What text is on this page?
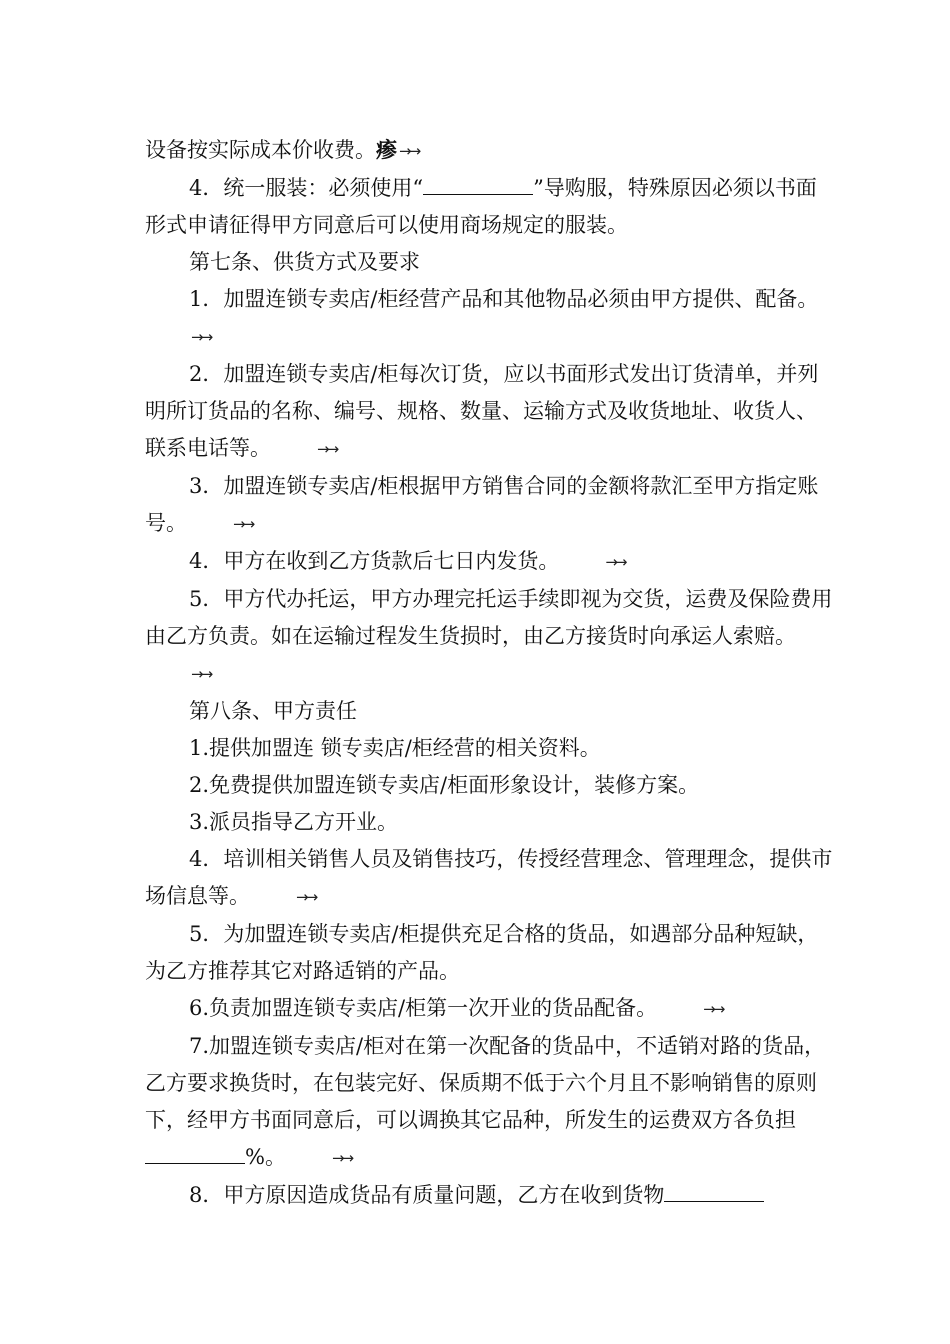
设备按实际成本价收费。瘆 →→

4．统一服装：必须使用“	”导购服，特殊原因必须以书面形式申请征得甲方同意后可以使用商场规定的服装。

第七条、供货方式及要求

1．加盟连锁专卖店/柜经营产品和其他物品必须由甲方提供、配备。→→

2．加盟连锁专卖店/柜每次订货，应以书面形式发出订货清单，并列明所订货品的名称、编号、规格、数量、运输方式及收货地址、收货人、联系电话等。	→→

3．加盟连锁专卖店/柜根据甲方销售合同的金额将款汇至甲方指定账号。	→→

4．甲方在收到乙方货款后七日内发货。	→→

5．甲方代办托运，甲方办理完托运手续即视为交货，运费及保险费用由乙方负责。如在运输过程发生货损时，由乙方接货时向承运人索赔。→→

第八条、甲方责任

1.提供加盟连 锁专卖店/柜经营的相关资料。

2.免费提供加盟连锁专卖店/柜面形象设计，装修方案。

3.派员指导乙方开业。

4．培训相关销售人员及销售技巧，传授经营理念、管理理念，提供市场信息等。	→→

5．为加盟连锁专卖店/柜提供充足合格的货品，如遇部分品种短缺，为乙方推荐其它对路适销的产品。

6.负责加盟连锁专卖店/柜第一次开业的货品配备。	→→

7.加盟连锁专卖店/柜对在第一次配备的货品中，不适销对路的货品，乙方要求换货时，在包装完好、保质期不低于六个月且不影响销售的原则下，经甲方书面同意后，可以调换其它品种，所发生的运费双方各负担%。	→→

8．甲方原因造成货品有质量问题，乙方在收到货物
